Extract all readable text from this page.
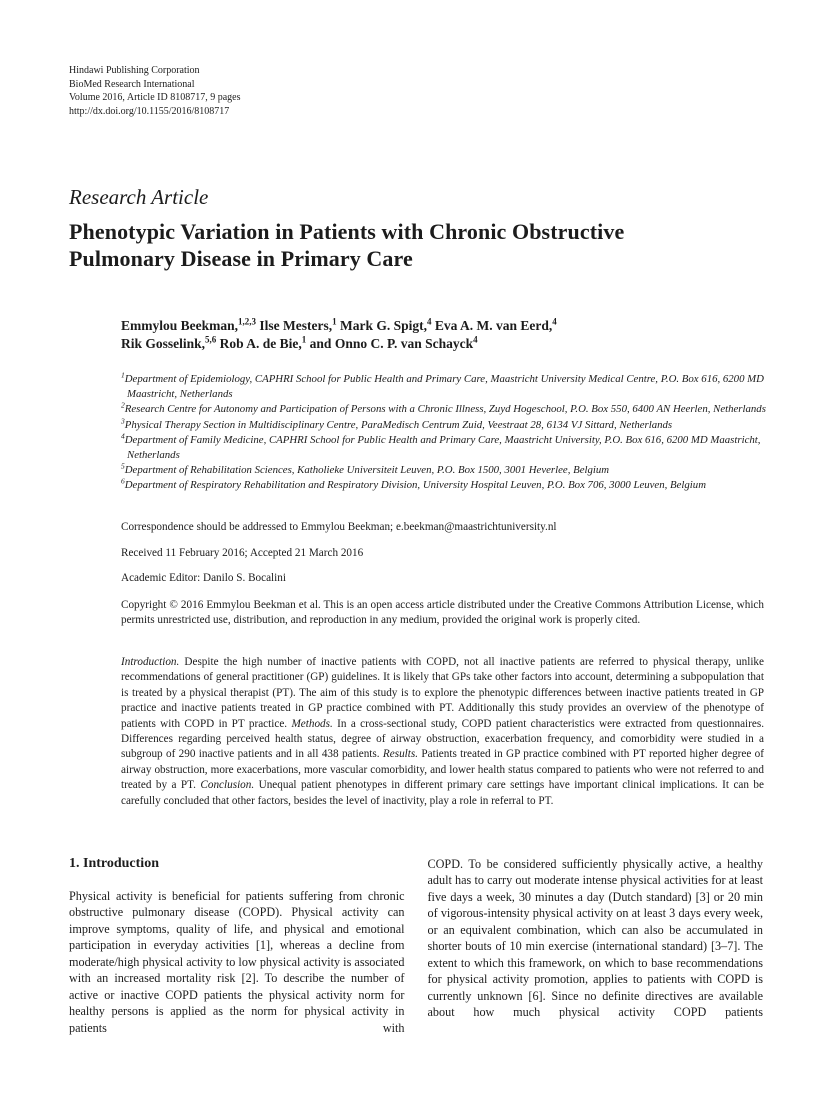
Hindawi Publishing Corporation
BioMed Research International
Volume 2016, Article ID 8108717, 9 pages
http://dx.doi.org/10.1155/2016/8108717
Research Article
Phenotypic Variation in Patients with Chronic Obstructive Pulmonary Disease in Primary Care
Emmylou Beekman,$^{1,2,3}$ Ilse Mesters,$^1$ Mark G. Spigt,$^4$ Eva A. M. van Eerd,$^4$
Rik Gosselink,$^{5,6}$ Rob A. de Bie,$^1$ and Onno C. P. van Schayck$^4$
$^1$Department of Epidemiology, CAPHRI School for Public Health and Primary Care, Maastricht University Medical Centre, P.O. Box 616, 6200 MD Maastricht, Netherlands
$^2$Research Centre for Autonomy and Participation of Persons with a Chronic Illness, Zuyd Hogeschool, P.O. Box 550, 6400 AN Heerlen, Netherlands
$^3$Physical Therapy Section in Multidisciplinary Centre, ParaMedisch Centrum Zuid, Veestraat 28, 6134 VJ Sittard, Netherlands
$^4$Department of Family Medicine, CAPHRI School for Public Health and Primary Care, Maastricht University, P.O. Box 616, 6200 MD Maastricht, Netherlands
$^5$Department of Rehabilitation Sciences, Katholieke Universiteit Leuven, P.O. Box 1500, 3001 Heverlee, Belgium
$^6$Department of Respiratory Rehabilitation and Respiratory Division, University Hospital Leuven, P.O. Box 706, 3000 Leuven, Belgium

Correspondence should be addressed to Emmylou Beekman; e.beekman@maastrichtuniversity.nl

Received 11 February 2016; Accepted 21 March 2016

Academic Editor: Danilo S. Bocalini

Copyright © 2016 Emmylou Beekman et al. This is an open access article distributed under the Creative Commons Attribution License, which permits unrestricted use, distribution, and reproduction in any medium, provided the original work is properly cited.

Introduction. Despite the high number of inactive patients with COPD, not all inactive patients are referred to physical therapy, unlike recommendations of general practitioner (GP) guidelines. It is likely that GPs take other factors into account, determining a subpopulation that is treated by a physical therapist (PT). The aim of this study is to explore the phenotypic differences between inactive patients treated in GP practice and inactive patients treated in GP practice combined with PT. Additionally this study provides an overview of the phenotype of patients with COPD in PT practice. Methods. In a cross-sectional study, COPD patient characteristics were extracted from questionnaires. Differences regarding perceived health status, degree of airway obstruction, exacerbation frequency, and comorbidity were studied in a subgroup of 290 inactive patients and in all 438 patients. Results. Patients treated in GP practice combined with PT reported higher degree of airway obstruction, more exacerbations, more vascular comorbidity, and lower health status compared to patients who were not referred to and treated by a PT. Conclusion. Unequal patient phenotypes in different primary care settings have important clinical implications. It can be carefully concluded that other factors, besides the level of inactivity, play a role in referral to PT.

1. Introduction

Physical activity is beneficial for patients suffering from chronic obstructive pulmonary disease (COPD). Physical activity can improve symptoms, quality of life, and physical and emotional participation in everyday activities [1], whereas a decline from moderate/high physical activity to low physical activity is associated with an increased mortality risk [2]. To describe the number of active or inactive COPD patients the physical activity norm for healthy persons is applied as the norm for physical activity in patients with

COPD. To be considered sufficiently physically active, a healthy adult has to carry out moderate intense physical activities for at least five days a week, 30 minutes a day (Dutch standard) [3] or 20 min of vigorous-intensity physical activity on at least 3 days every week, or an equivalent combination, which can also be accumulated in shorter bouts of 10 min exercise (international standard) [3–7]. The extent to which this framework, on which to base recommendations for physical activity promotion, applies to patients with COPD is currently unknown [6]. Since no definite directives are available about how much physical activity COPD patients
